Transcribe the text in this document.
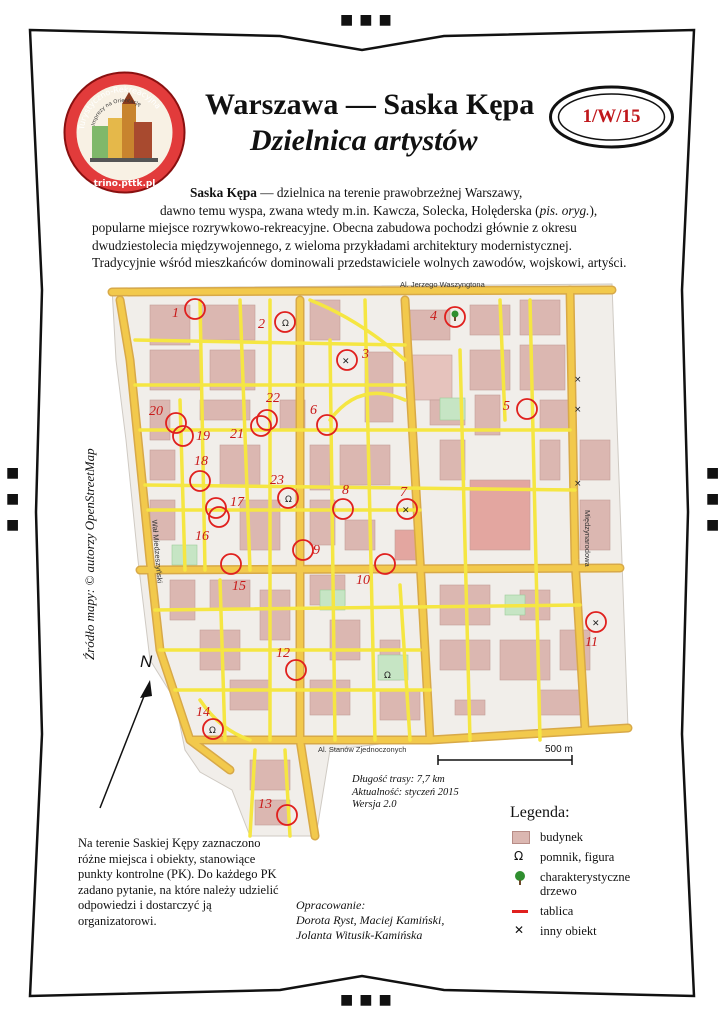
■■■
■■■
■
■
■
■
■
■
Turystyczno-Rekreacyjna
Imprezy na Orientację
trino.pttk.pl
Warszawa — Saska Kępa
Dzielnica artystów
1/W/15
Saska Kępa — dzielnica na terenie prawobrzeżnej Warszawy,
dawno temu wyspa, zwana wtedy m.in. Kawcza, Solecka, Holęderska (pis. oryg.),
popularne miejsce rozrywkowo-rekreacyjne. Obecna zabudowa pochodzi głównie z okresu
dwudziestolecia międzywojennego, z wieloma przykładami architektury modernistycznej.
Tradycyjnie wśród mieszkańców dominowali przedstawiciele wolnych zawodów, wojskowi, artyści.
Al. Jerzego Waszyngtona
Wał Miedzeszyński	Międzynarodowa
Al. Stanów Zjednoczonych
1
2
3
4
5
6
7
8
9
10
11
12
13
14
15
16
17
18
19
20
21
22
23
Ω
✕
✕
✕
Ω
Ω
Ω
×
×
×
N
Źródło mapy: © autorzy OpenStreetMap
500 m
Długość trasy: 7,7 km
Aktualność: styczeń 2015
Wersja 2.0
Na terenie Saskiej Kępy zaznaczono różne miejsca i obiekty, stanowiące punkty kontrolne (PK). Do każdego PK zadano pytanie, na które należy udzielić odpowiedzi i dostarczyć ją organizatorowi.
Opracowanie:
Dorota Ryst, Maciej Kamiński,
Jolanta Witusik-Kamińska
Legenda:
budynek
Ω pomnik, figura
charakterystyczne drzewo
tablica
✕ inny obiekt
